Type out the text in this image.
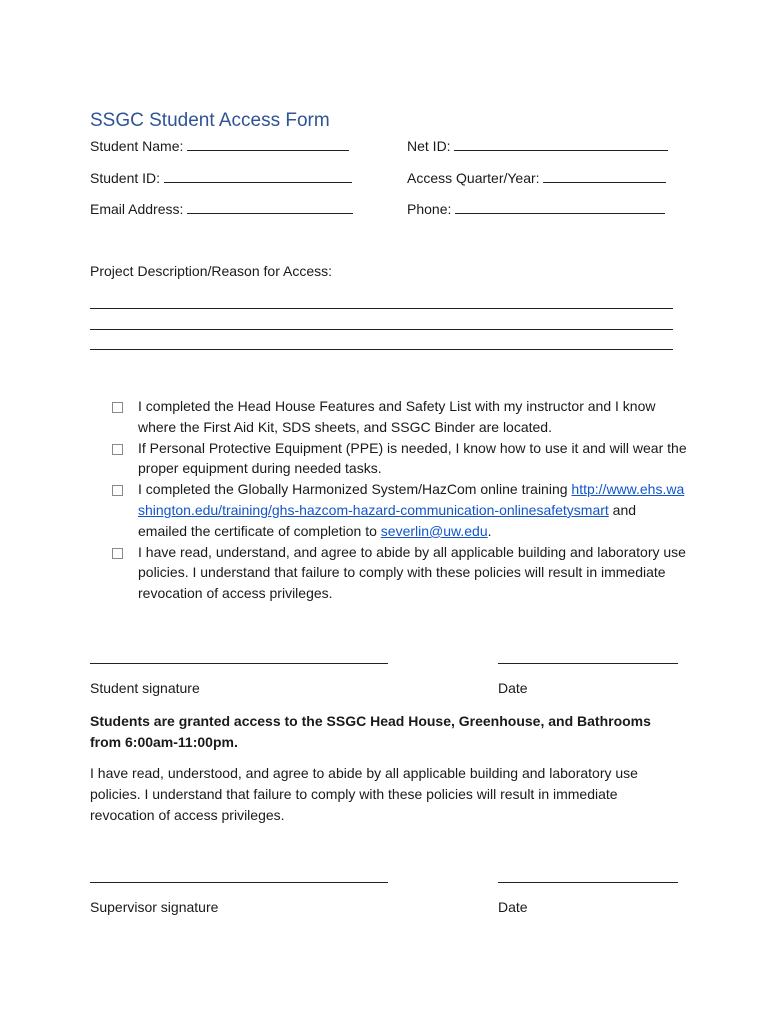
SSGC Student Access Form
Student Name:	Net ID:
Student ID:	Access Quarter/Year:
Email Address:	Phone:
Project Description/Reason for Access:
I completed the Head House Features and Safety List with my instructor and I know where the First Aid Kit, SDS sheets, and SSGC Binder are located.
If Personal Protective Equipment (PPE) is needed, I know how to use it and will wear the proper equipment during needed tasks.
I completed the Globally Harmonized System/HazCom online training http://www.ehs.washington.edu/training/ghs-hazcom-hazard-communication-onlinesafetysmart and emailed the certificate of completion to severlin@uw.edu.
I have read, understand, and agree to abide by all applicable building and laboratory use policies. I understand that failure to comply with these policies will result in immediate revocation of access privileges.
Student signature	Date
Students are granted access to the SSGC Head House, Greenhouse, and Bathrooms from 6:00am-11:00pm.
I have read, understood, and agree to abide by all applicable building and laboratory use policies. I understand that failure to comply with these policies will result in immediate revocation of access privileges.
Supervisor signature	Date
